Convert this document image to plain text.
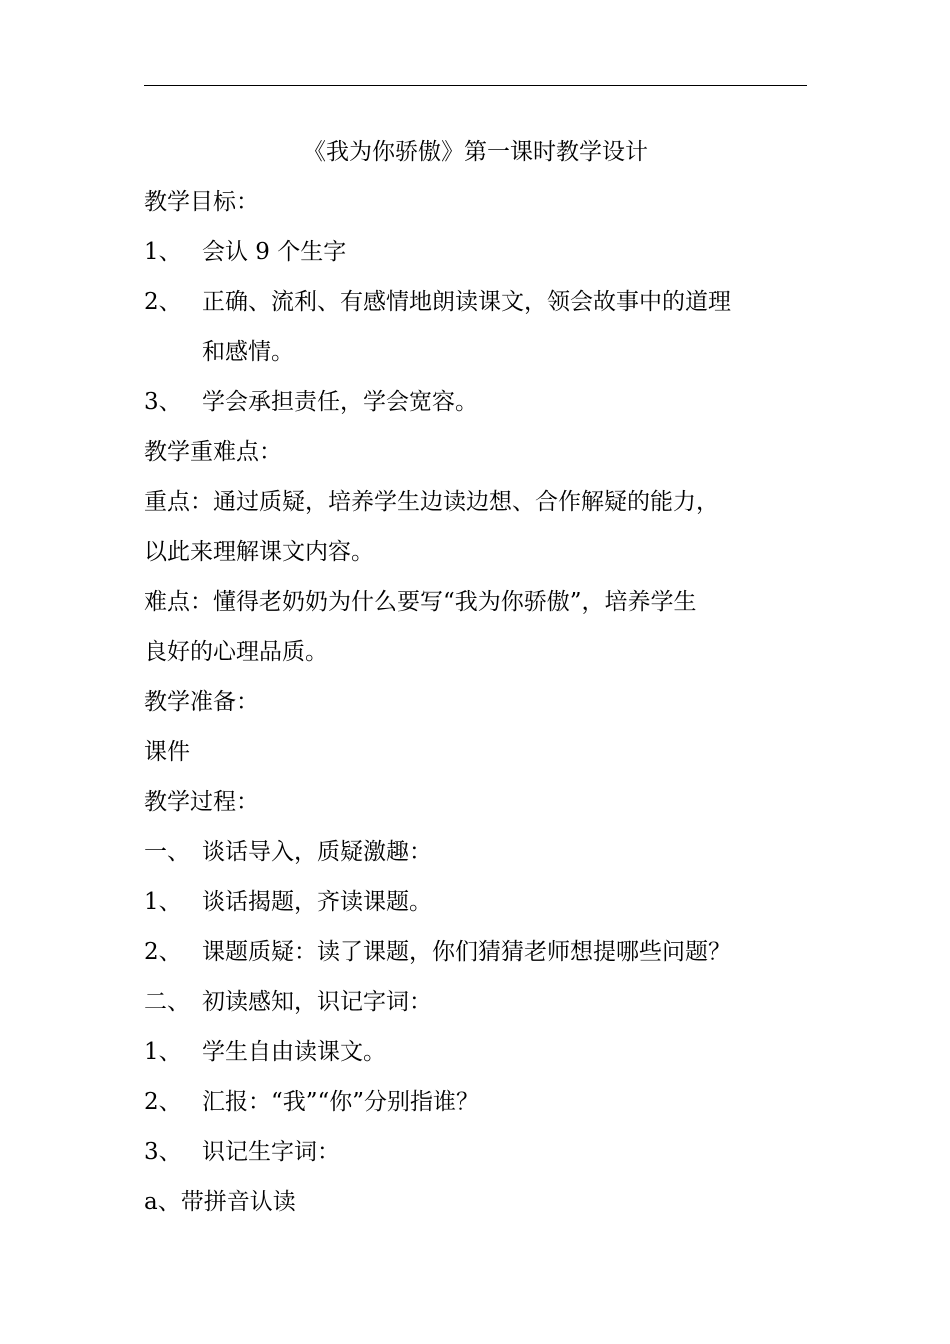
《我为你骄傲》第一课时教学设计
教学目标：
1、 会认 9 个生字
2、 正确、流利、有感情地朗读课文，领会故事中的道理
和感情。
3、 学会承担责任，学会宽容。
教学重难点：
重点：通过质疑，培养学生边读边想、合作解疑的能力，
以此来理解课文内容。
难点：懂得老奶奶为什么要写“我为你骄傲”，培养学生
良好的心理品质。
教学准备：
课件
教学过程：
一、 谈话导入，质疑激趣：
1、 谈话揭题，齐读课题。
2、 课题质疑：读了课题，你们猜猜老师想提哪些问题？
二、 初读感知，识记字词：
1、 学生自由读课文。
2、 汇报：“我”“你”分别指谁？
3、 识记生字词：
a、带拼音认读
